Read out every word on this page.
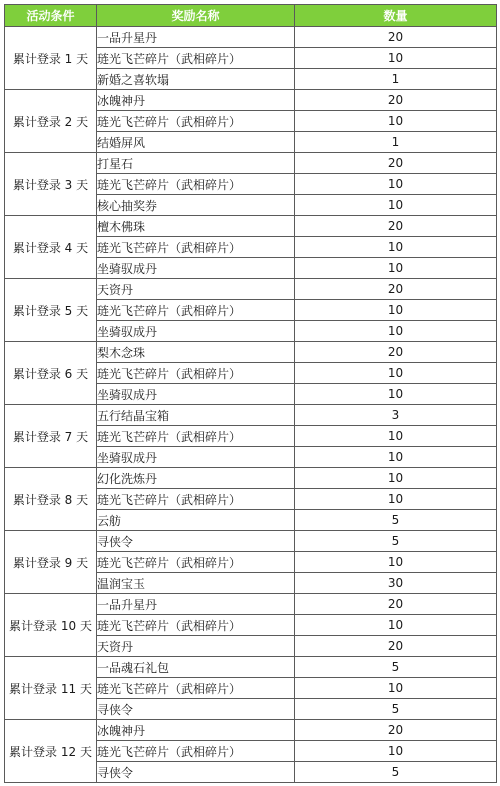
活动条件	奖励名称	数量
累计登录 1 天	一品升星丹	20
	琏光飞芒碎片（武相碎片）	10
	新婚之喜软塌	1
累计登录 2 天	冰魄神丹	20
	琏光飞芒碎片（武相碎片）	10
	结婚屏风	1
累计登录 3 天	打星石	20
	琏光飞芒碎片（武相碎片）	10
	核心抽奖券	10
累计登录 4 天	檀木佛珠	20
	琏光飞芒碎片（武相碎片）	10
	坐骑驭成丹	10
累计登录 5 天	天资丹	20
	琏光飞芒碎片（武相碎片）	10
	坐骑驭成丹	10
累计登录 6 天	梨木念珠	20
	琏光飞芒碎片（武相碎片）	10
	坐骑驭成丹	10
累计登录 7 天	五行结晶宝箱	3
	琏光飞芒碎片（武相碎片）	10
	坐骑驭成丹	10
累计登录 8 天	幻化洗炼丹	10
	琏光飞芒碎片（武相碎片）	10
	云舫	5
累计登录 9 天	寻侠令	5
	琏光飞芒碎片（武相碎片）	10
	温润宝玉	30
累计登录 10 天	一品升星丹	20
	琏光飞芒碎片（武相碎片）	10
	天资丹	20
累计登录 11 天	一品魂石礼包	5
	琏光飞芒碎片（武相碎片）	10
	寻侠令	5
累计登录 12 天	冰魄神丹	20
	琏光飞芒碎片（武相碎片）	10
	寻侠令	5
